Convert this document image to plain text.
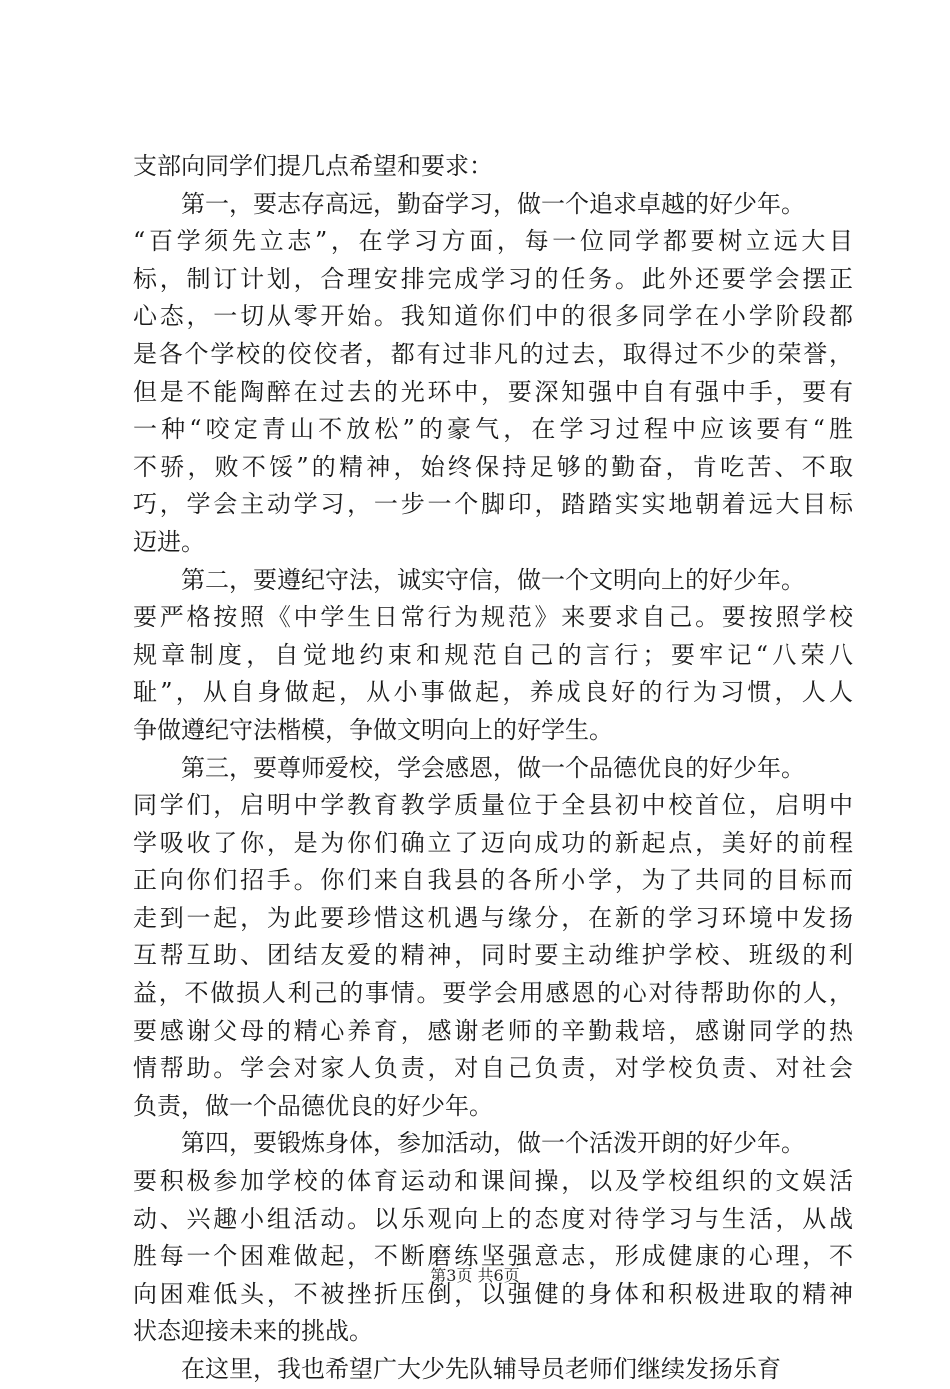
支部向同学们提几点希望和要求：
第一，要志存高远，勤奋学习，做一个追求卓越的好少年。
“百学须先立志”，在学习方面，每一位同学都要树立远大目
标，制订计划，合理安排完成学习的任务。此外还要学会摆正
心态，一切从零开始。我知道你们中的很多同学在小学阶段都
是各个学校的佼佼者，都有过非凡的过去，取得过不少的荣誉，
但是不能陶醉在过去的光环中，要深知强中自有强中手，要有
一种“咬定青山不放松”的豪气，在学习过程中应该要有“胜
不骄，败不馁”的精神，始终保持足够的勤奋，肯吃苦、不取
巧，学会主动学习，一步一个脚印，踏踏实实地朝着远大目标
迈进。
第二，要遵纪守法，诚实守信，做一个文明向上的好少年。
要严格按照《中学生日常行为规范》来要求自己。要按照学校
规章制度，自觉地约束和规范自己的言行；要牢记“八荣八
耻”，从自身做起，从小事做起，养成良好的行为习惯，人人
争做遵纪守法楷模，争做文明向上的好学生。
第三，要尊师爱校，学会感恩，做一个品德优良的好少年。
同学们，启明中学教育教学质量位于全县初中校首位，启明中
学吸收了你，是为你们确立了迈向成功的新起点，美好的前程
正向你们招手。你们来自我县的各所小学，为了共同的目标而
走到一起，为此要珍惜这机遇与缘分，在新的学习环境中发扬
互帮互助、团结友爱的精神，同时要主动维护学校、班级的利
益，不做损人利己的事情。要学会用感恩的心对待帮助你的人，
要感谢父母的精心养育，感谢老师的辛勤栽培，感谢同学的热
情帮助。学会对家人负责，对自己负责，对学校负责、对社会
负责，做一个品德优良的好少年。
第四，要锻炼身体，参加活动，做一个活泼开朗的好少年。
要积极参加学校的体育运动和课间操，以及学校组织的文娱活
动、兴趣小组活动。以乐观向上的态度对待学习与生活，从战
胜每一个困难做起，不断磨练坚强意志，形成健康的心理，不
向困难低头，不被挫折压倒，以强健的身体和积极进取的精神
状态迎接未来的挑战。
在这里，我也希望广大少先队辅导员老师们继续发扬乐育
第3页 共6页
